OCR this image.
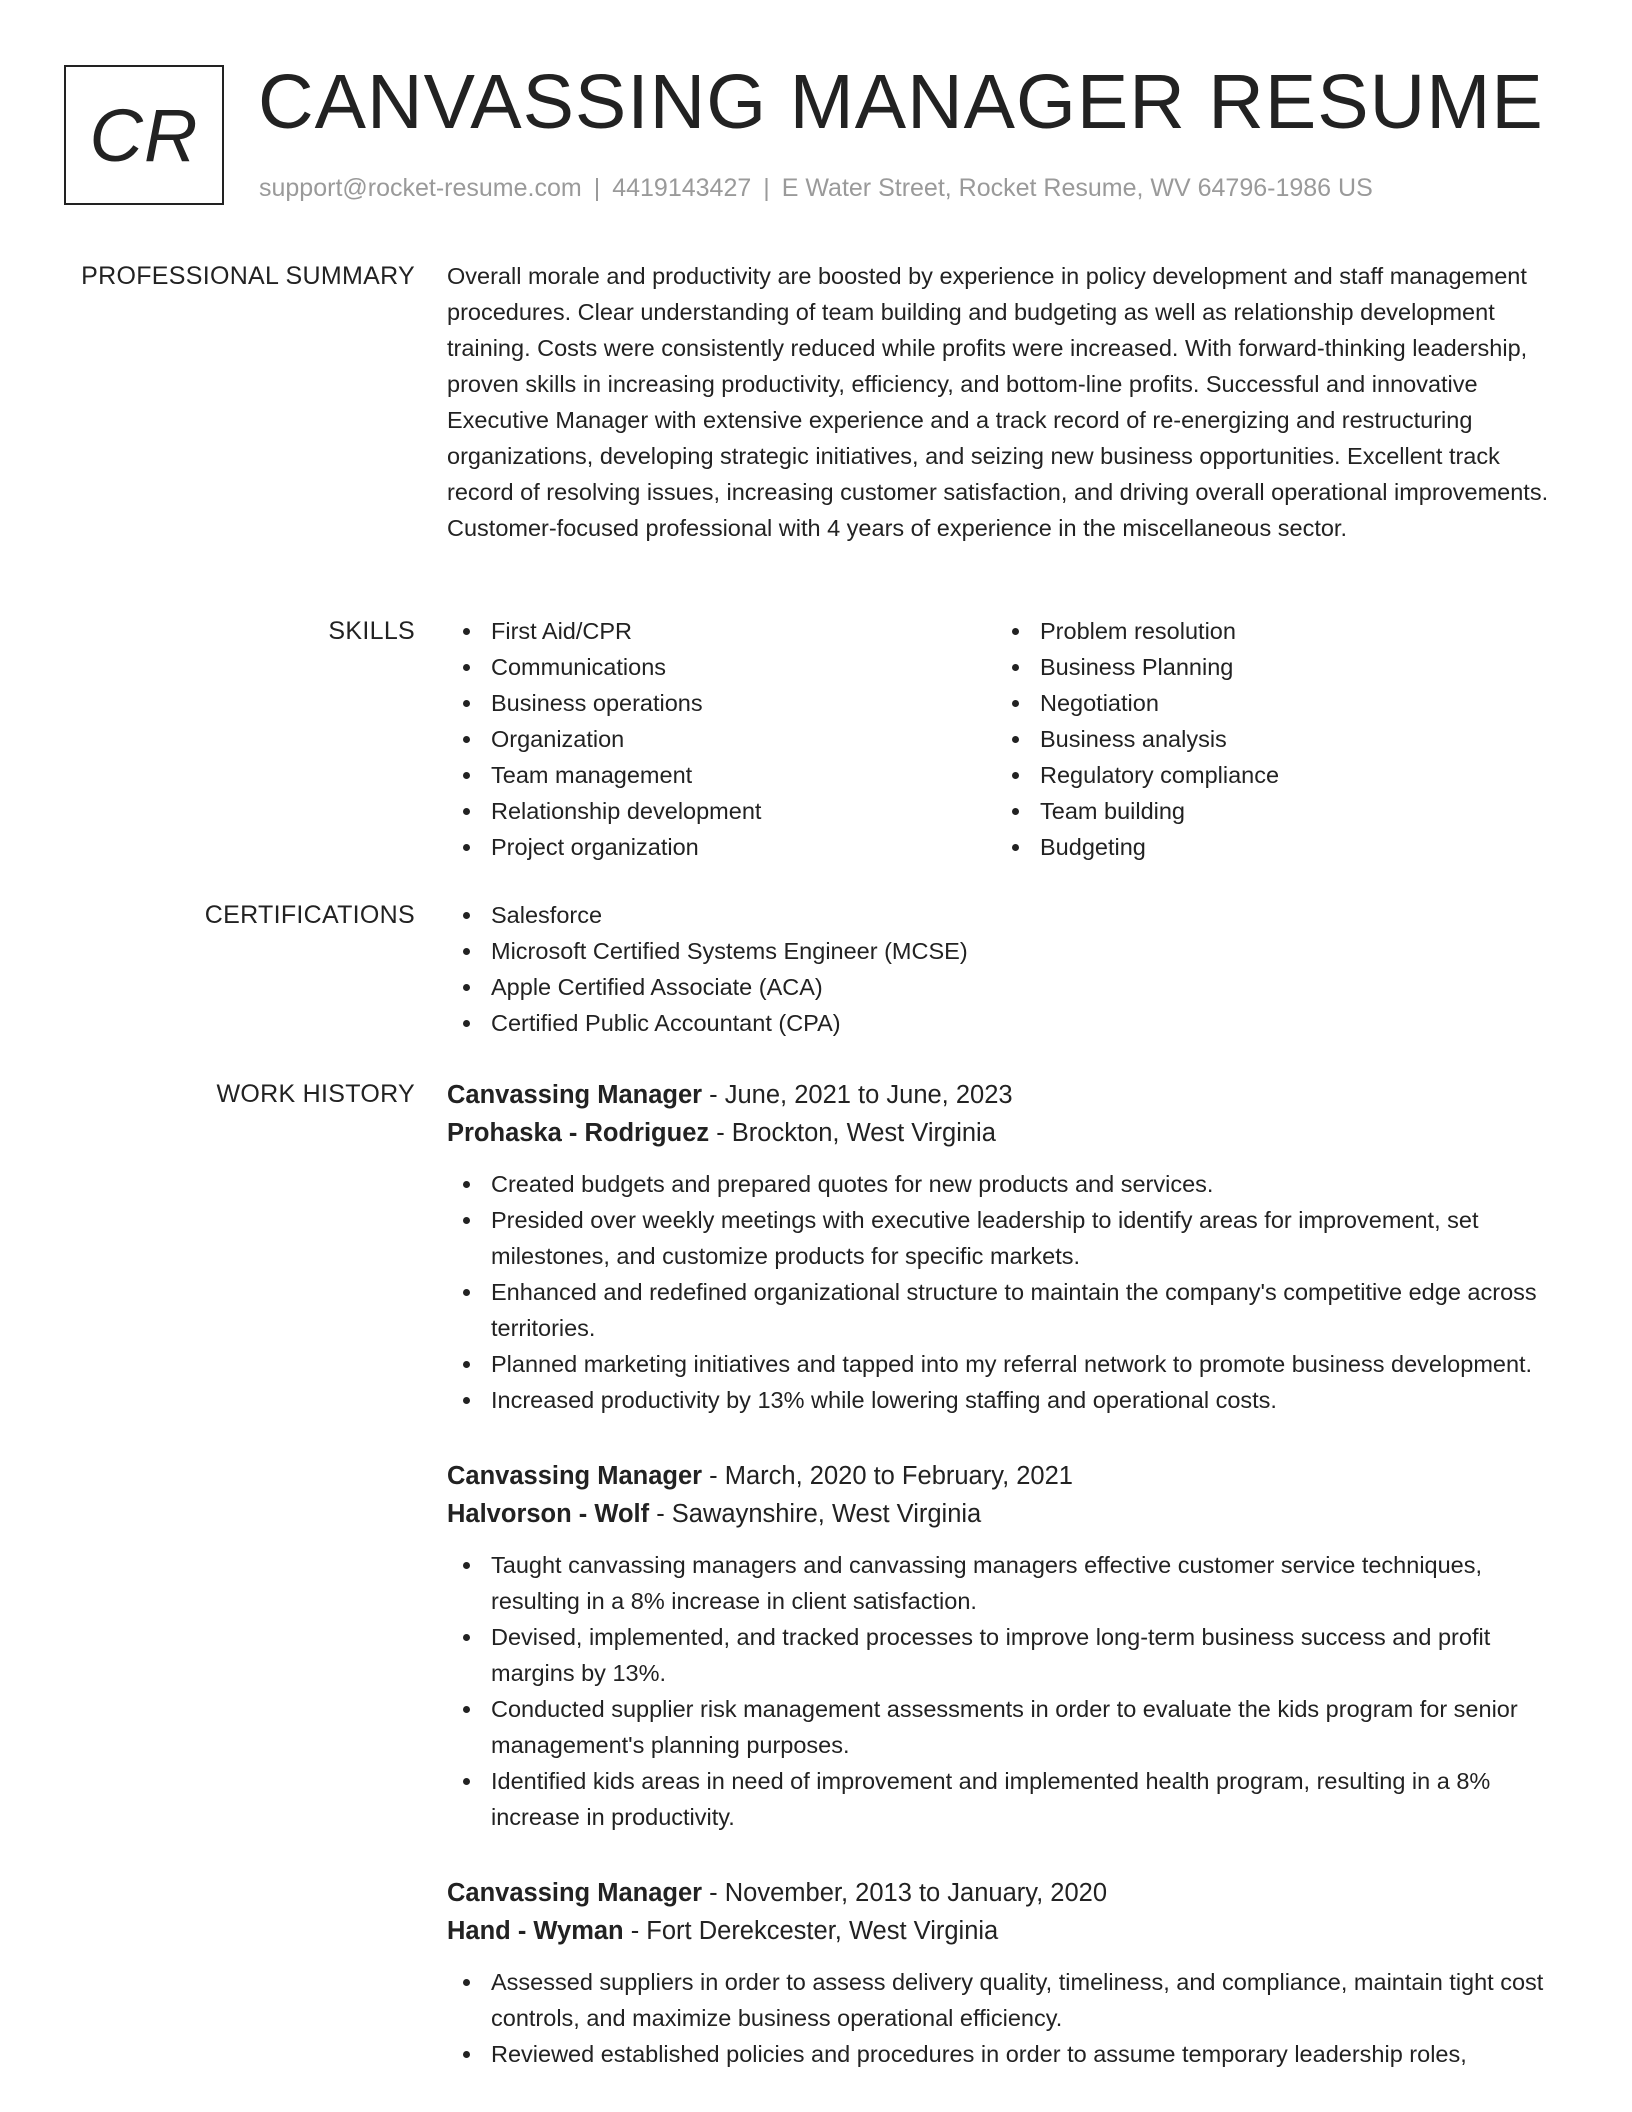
CR CANVASSING MANAGER RESUME
support@rocket-resume.com | 4419143427 | E Water Street, Rocket Resume, WV 64796-1986 US
PROFESSIONAL SUMMARY Overall morale and productivity are boosted by experience in policy development and staff management procedures. Clear understanding of team building and budgeting as well as relationship development training. Costs were consistently reduced while profits were increased. With forward-thinking leadership, proven skills in increasing productivity, efficiency, and bottom-line profits. Successful and innovative Executive Manager with extensive experience and a track record of re-energizing and restructuring organizations, developing strategic initiatives, and seizing new business opportunities. Excellent track record of resolving issues, increasing customer satisfaction, and driving overall operational improvements. Customer-focused professional with 4 years of experience in the miscellaneous sector.

SKILLS	First Aid/CPR
Communications
Business operations
Organization
Team management
Relationship development
Project organization
Problem resolution
Business Planning
Negotiation
Business analysis
Regulatory compliance
Team building
Budgeting
CERTIFICATIONS	Salesforce
Microsoft Certified Systems Engineer (MCSE)
Apple Certified Associate (ACA)
Certified Public Accountant (CPA)
WORK HISTORY Canvassing Manager - June, 2021 to June, 2023
Prohaska - Rodriguez - Brockton, West Virginia
Created budgets and prepared quotes for new products and services.
Presided over weekly meetings with executive leadership to identify areas for improvement, set milestones, and customize products for specific markets.
Enhanced and redefined organizational structure to maintain the company's competitive edge across territories.
Planned marketing initiatives and tapped into my referral network to promote business development.
Increased productivity by 13% while lowering staffing and operational costs.
Canvassing Manager - March, 2020 to February, 2021
Halvorson - Wolf - Sawaynshire, West Virginia
Taught canvassing managers and canvassing managers effective customer service techniques, resulting in a 8% increase in client satisfaction.
Devised, implemented, and tracked processes to improve long-term business success and profit margins by 13%.
Conducted supplier risk management assessments in order to evaluate the kids program for senior management's planning purposes.
Identified kids areas in need of improvement and implemented health program, resulting in a 8% increase in productivity.
Canvassing Manager - November, 2013 to January, 2020
Hand - Wyman - Fort Derekcester, West Virginia
Assessed suppliers in order to assess delivery quality, timeliness, and compliance, maintain tight cost controls, and maximize business operational efficiency.
Reviewed established policies and procedures in order to assume temporary leadership roles,
